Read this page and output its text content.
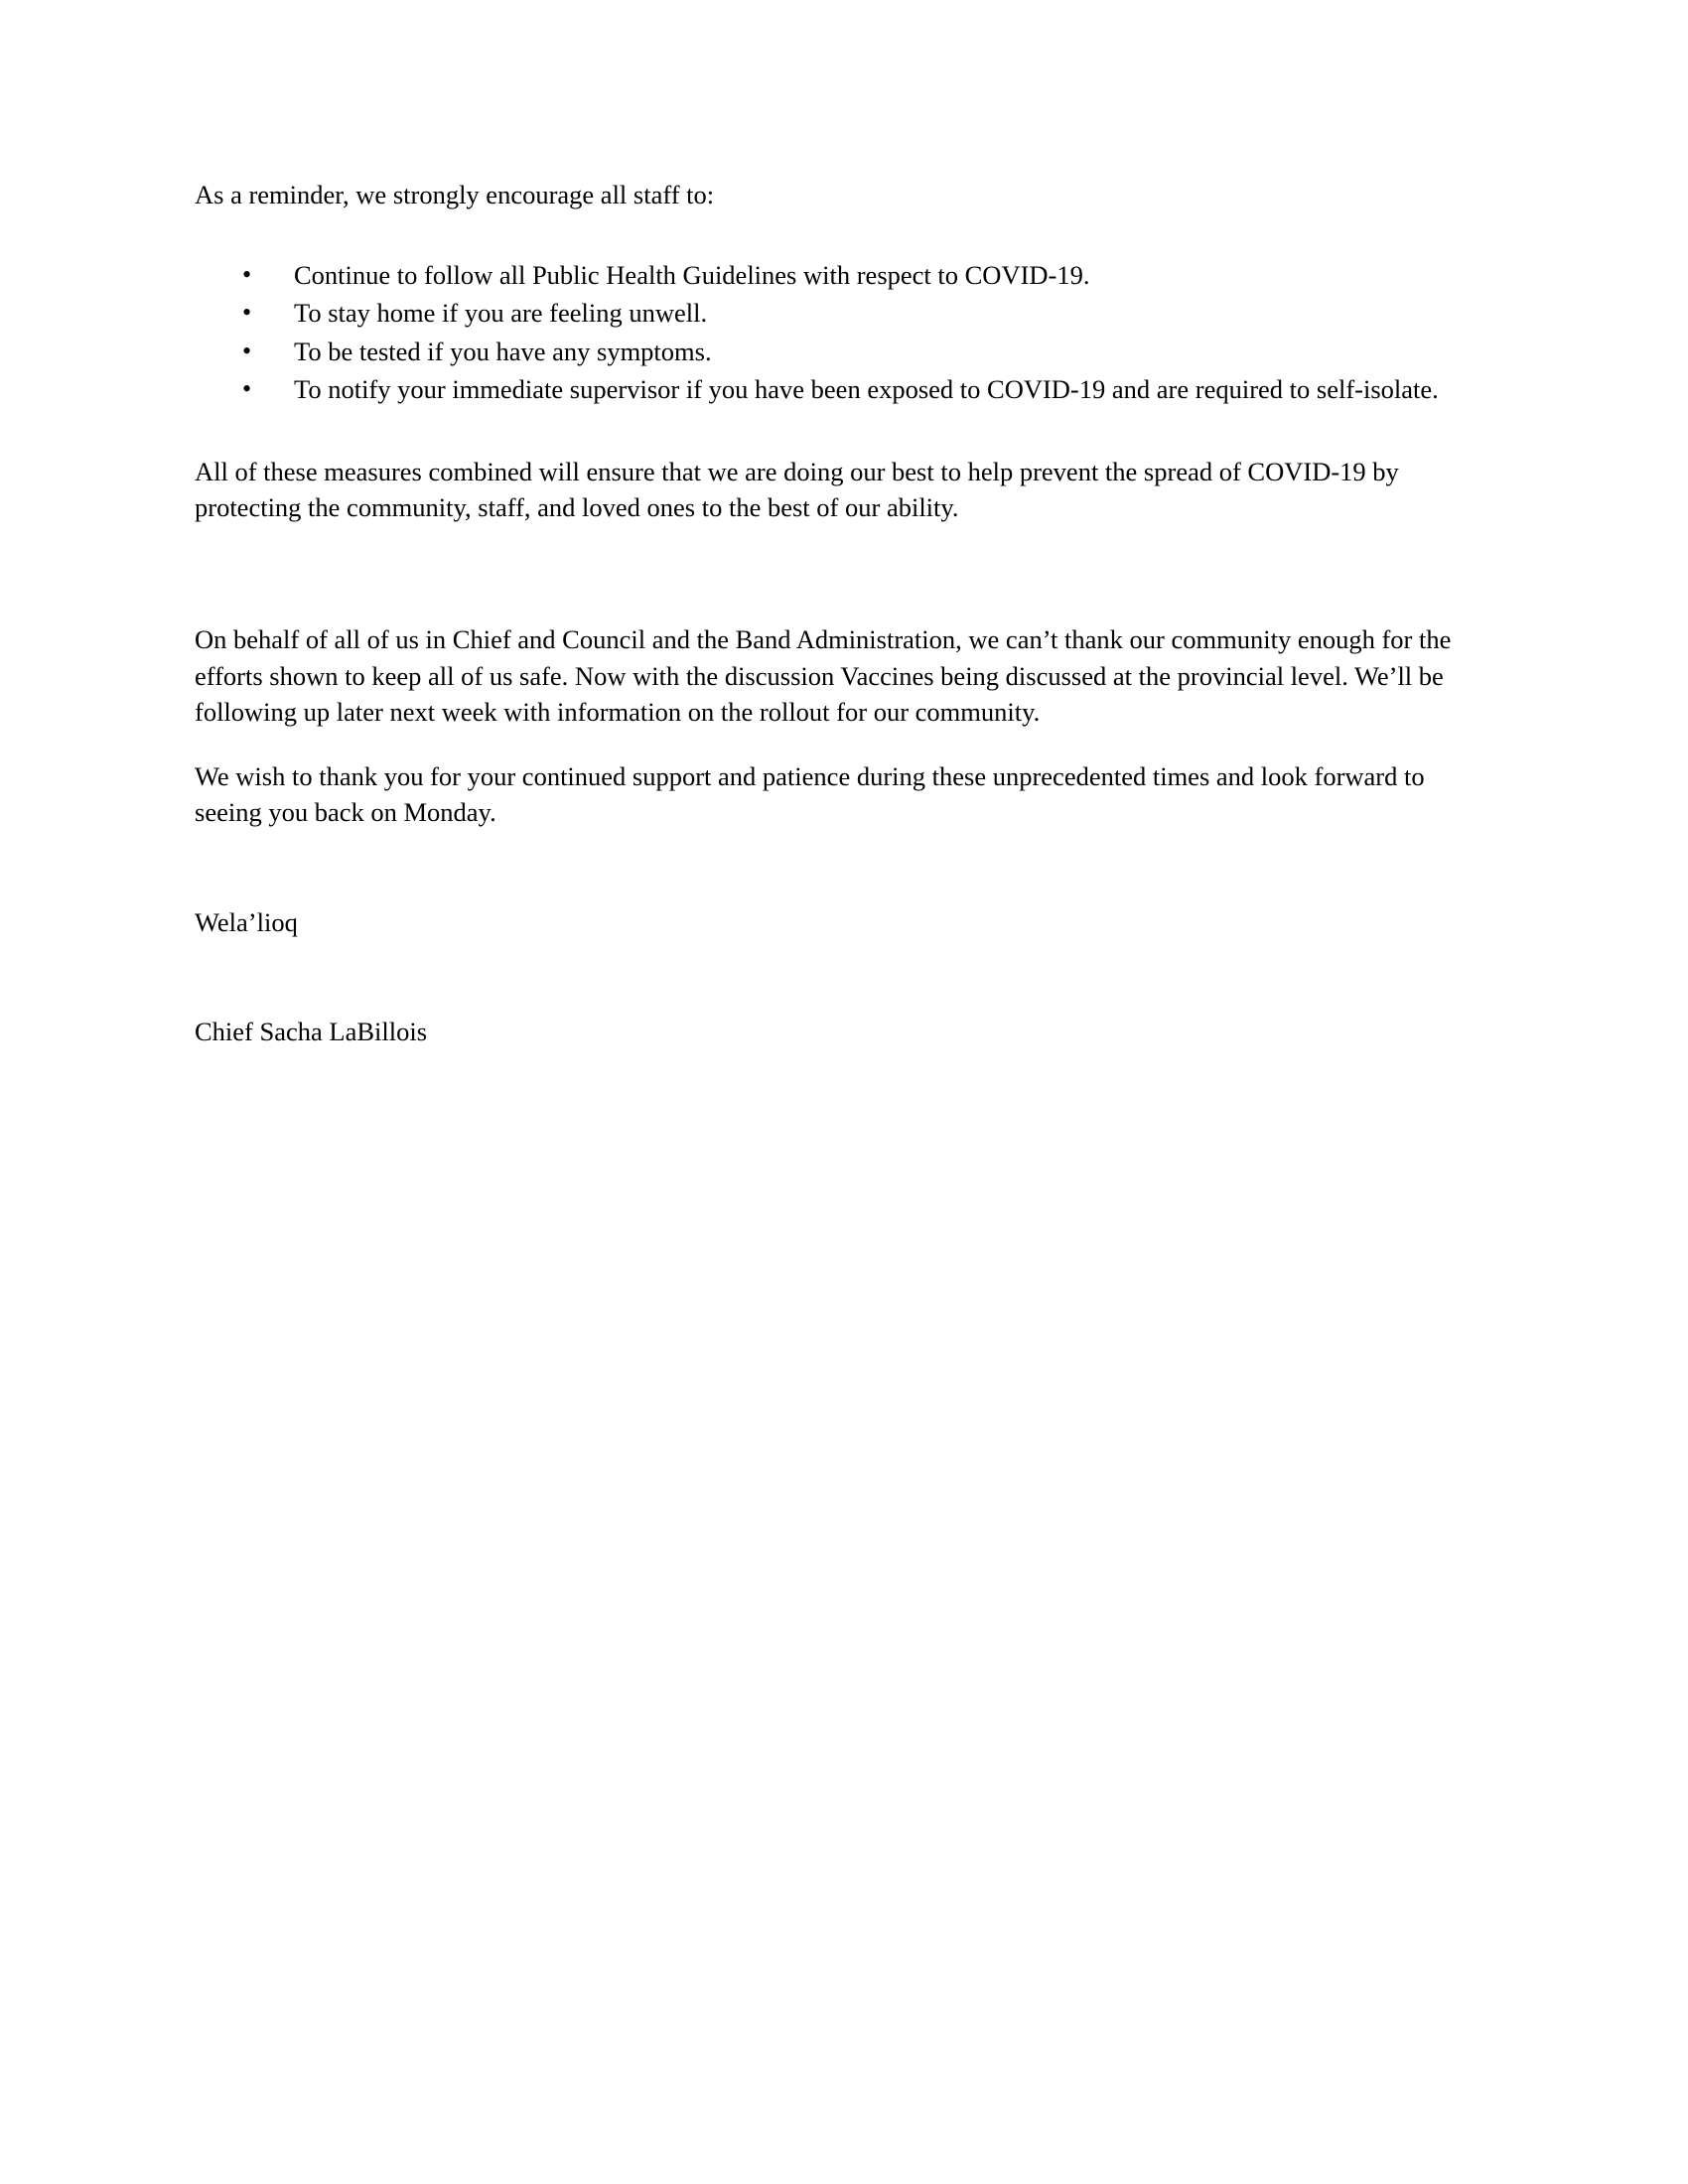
As a reminder, we strongly encourage all staff to:

• Continue to follow all Public Health Guidelines with respect to COVID-19.
• To stay home if you are feeling unwell.
• To be tested if you have any symptoms.
• To notify your immediate supervisor if you have been exposed to COVID-19 and are required to self-isolate.

All of these measures combined will ensure that we are doing our best to help prevent the spread of COVID-19 by protecting the community, staff, and loved ones to the best of our ability.

On behalf of all of us in Chief and Council and the Band Administration, we can’t thank our community enough for the efforts shown to keep all of us safe. Now with the discussion Vaccines being discussed at the provincial level. We’ll be following up later next week with information on the rollout for our community.

We wish to thank you for your continued support and patience during these unprecedented times and look forward to seeing you back on Monday.

Wela’lioq

Chief Sacha LaBillois
